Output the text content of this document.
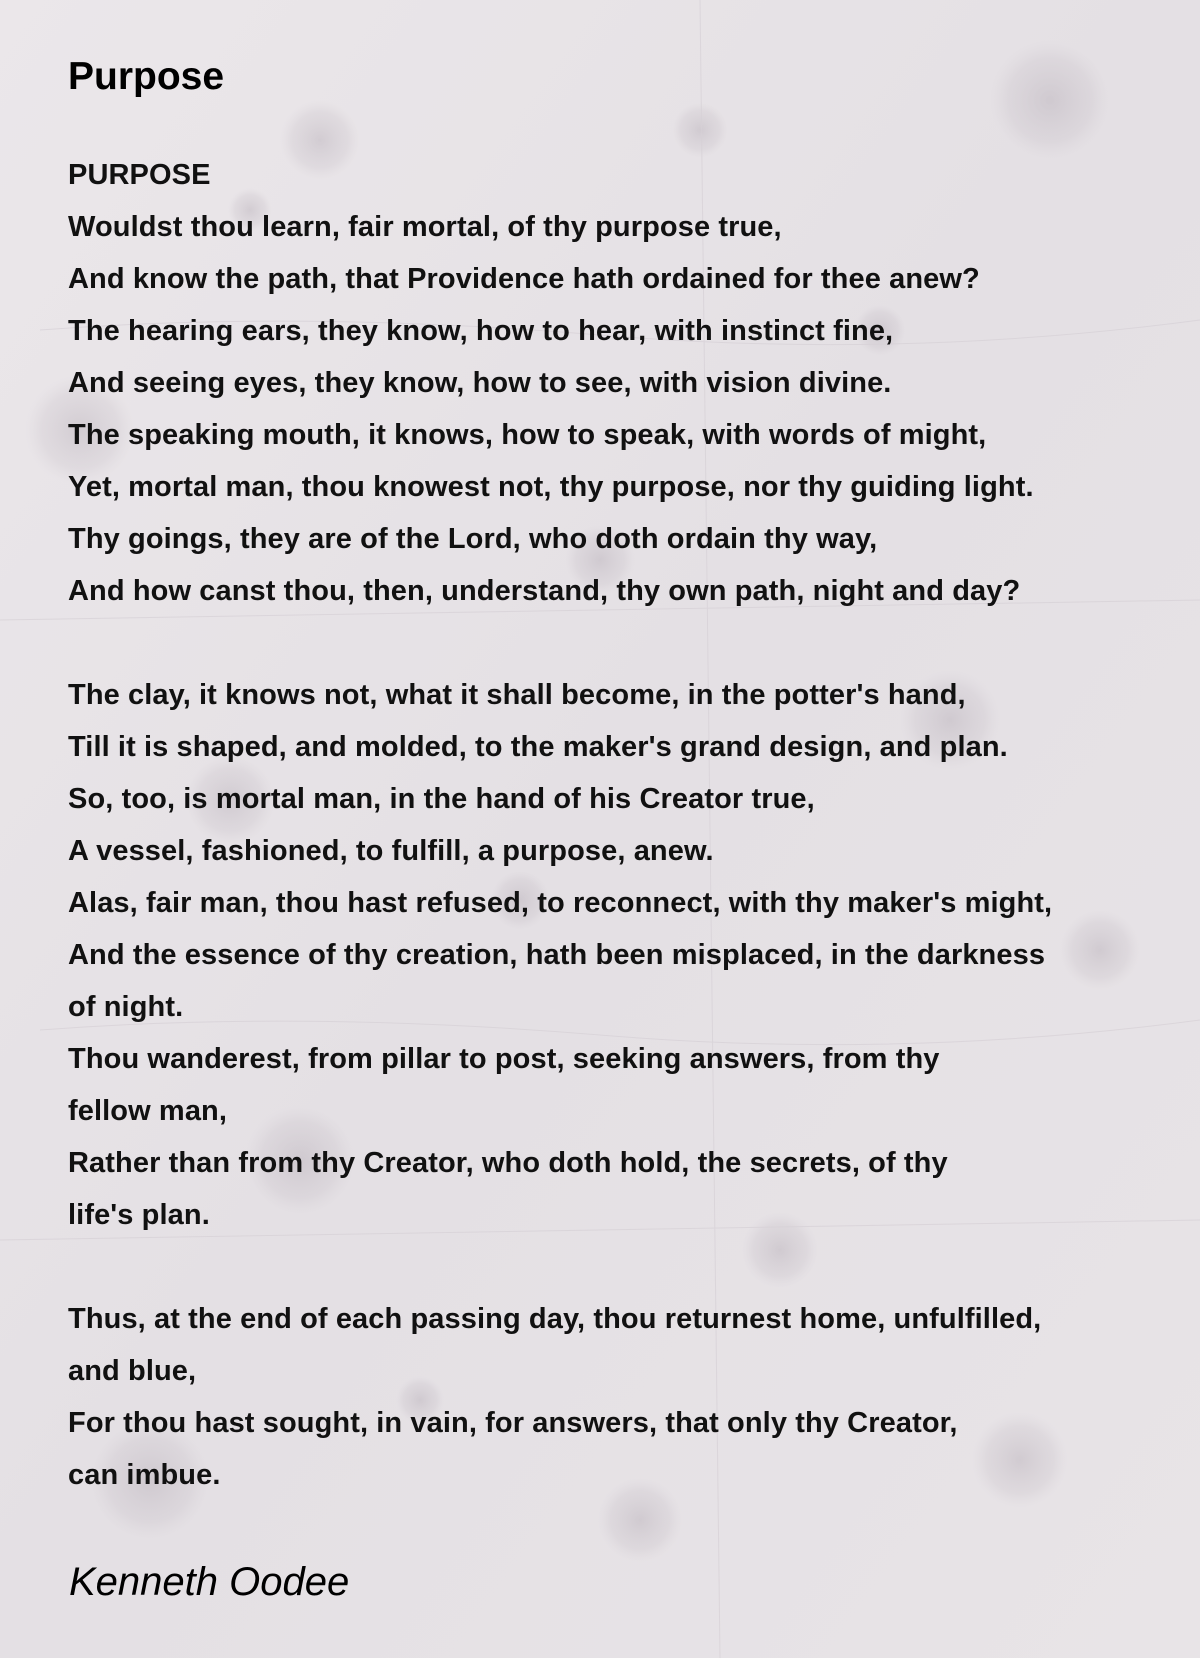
Purpose
PURPOSE
Wouldst thou learn, fair mortal, of thy purpose true,
And know the path, that Providence hath ordained for thee anew?
The hearing ears, they know, how to hear, with instinct fine,
And seeing eyes, they know, how to see, with vision divine.
The speaking mouth, it knows, how to speak, with words of might,
Yet, mortal man, thou knowest not, thy purpose, nor thy guiding light.
Thy goings, they are of the Lord, who doth ordain thy way,
And how canst thou, then, understand, thy own path, night and day?
The clay, it knows not, what it shall become, in the potter's hand,
Till it is shaped, and molded, to the maker's grand design, and plan.
So, too, is mortal man, in the hand of his Creator true,
A vessel, fashioned, to fulfill, a purpose, anew.
Alas, fair man, thou hast refused, to reconnect, with thy maker's might,
And the essence of thy creation, hath been misplaced, in the darkness
of night.
Thou wanderest, from pillar to post, seeking answers, from thy
fellow man,
Rather than from thy Creator, who doth hold, the secrets, of thy
life's plan.
Thus, at the end of each passing day, thou returnest home, unfulfilled,
and blue,
For thou hast sought, in vain, for answers, that only thy Creator,
can imbue.
Kenneth Oodee
